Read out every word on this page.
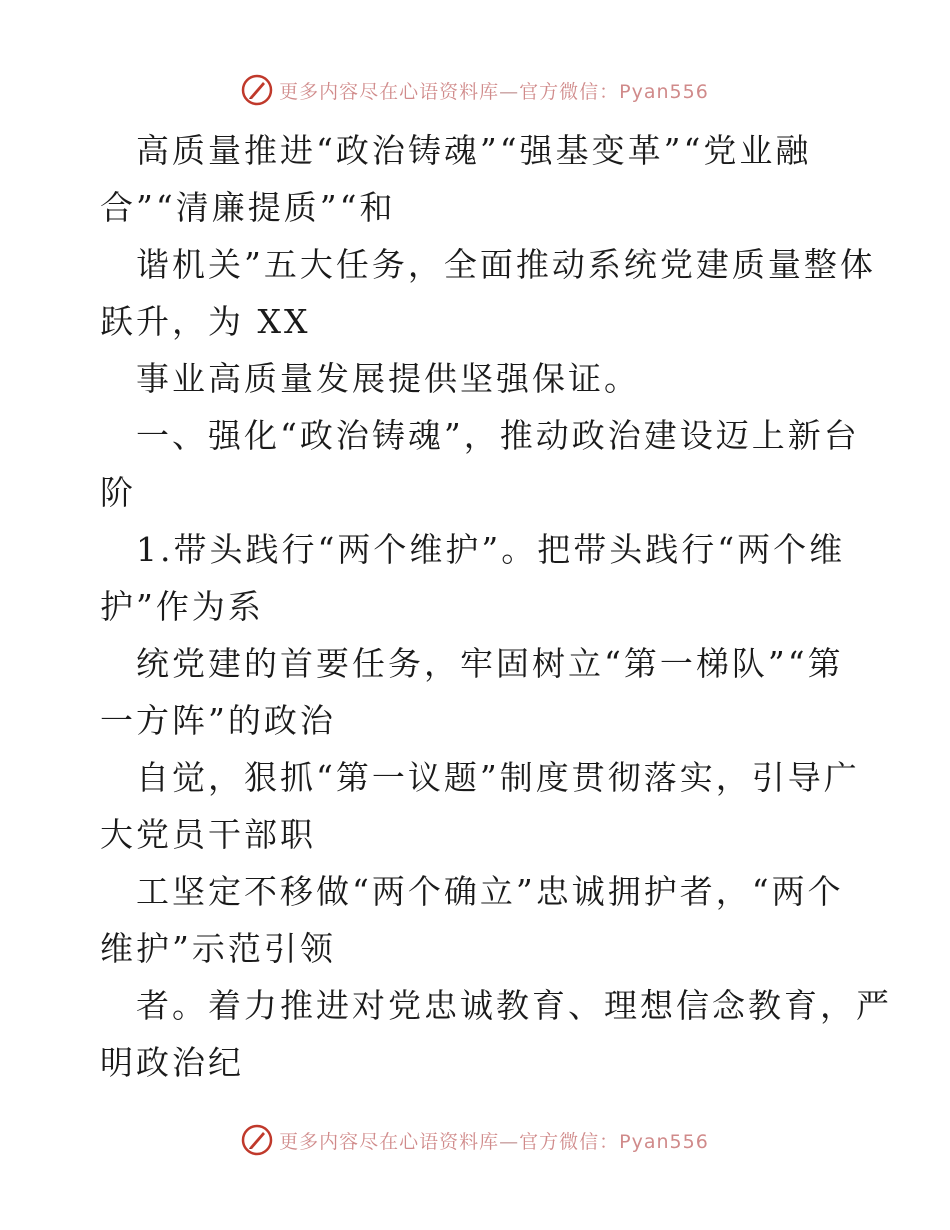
更多内容尽在心语资料库—官方微信：Pyan556
高质量推进“政治铸魂”“强基变革”“党业融
合”“清廉提质”“和
谐机关”五大任务，全面推动系统党建质量整体
跃升，为 XX
事业高质量发展提供坚强保证。
一、强化“政治铸魂”，推动政治建设迈上新台
阶
1.带头践行“两个维护”。把带头践行“两个维
护”作为系
统党建的首要任务，牢固树立“第一梯队”“第
一方阵”的政治
自觉，狠抓“第一议题”制度贯彻落实，引导广
大党员干部职
工坚定不移做“两个确立”忠诚拥护者，“两个
维护”示范引领
者。着力推进对党忠诚教育、理想信念教育，严
明政治纪
更多内容尽在心语资料库—官方微信：Pyan556
